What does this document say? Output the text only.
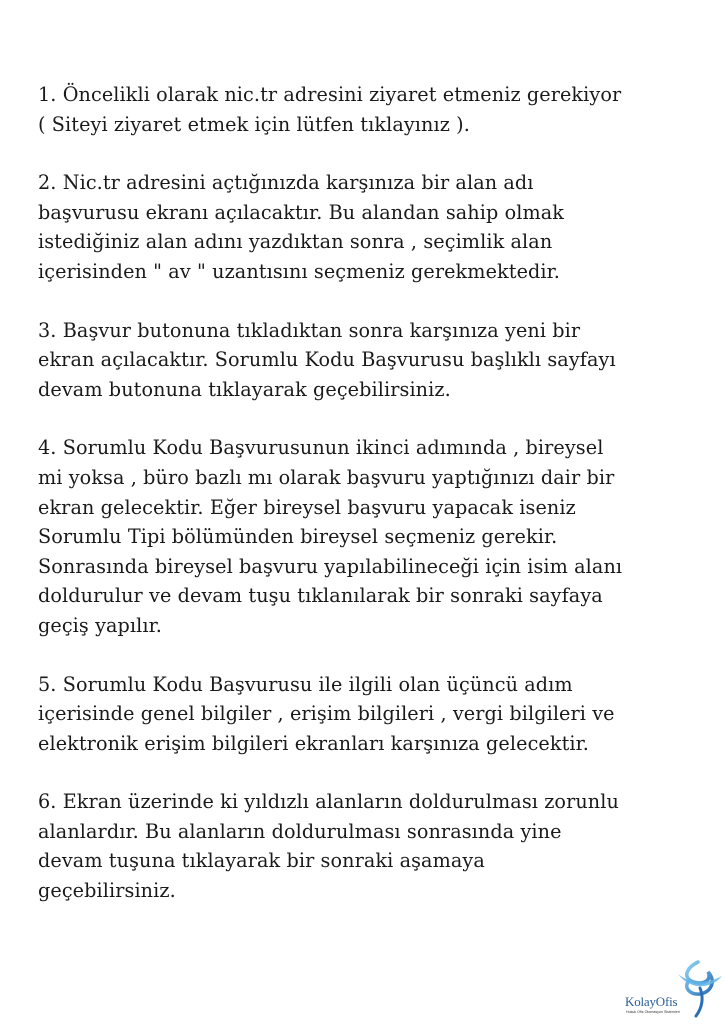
1. Öncelikli olarak nic.tr adresini ziyaret etmeniz gerekiyor
( Siteyi ziyaret etmek için lütfen tıklayınız ).

2. Nic.tr adresini açtığınızda karşınıza bir alan adı
başvurusu ekranı açılacaktır. Bu alandan sahip olmak
istediğiniz alan adını yazdıktan sonra , seçimlik alan
içerisinden " av " uzantısını seçmeniz gerekmektedir.

3. Başvur butonuna tıkladıktan sonra karşınıza yeni bir
ekran açılacaktır. Sorumlu Kodu Başvurusu başlıklı sayfayı
devam butonuna tıklayarak geçebilirsiniz.

4. Sorumlu Kodu Başvurusunun ikinci adımında , bireysel
mi yoksa , büro bazlı mı olarak başvuru yaptığınızı dair bir
ekran gelecektir. Eğer bireysel başvuru yapacak iseniz
Sorumlu Tipi bölümünden bireysel seçmeniz gerekir.
Sonrasında bireysel başvuru yapılabilineceği için isim alanı
doldurulur ve devam tuşu tıklanılarak bir sonraki sayfaya
geçiş yapılır.

5. Sorumlu Kodu Başvurusu ile ilgili olan üçüncü adım
içerisinde genel bilgiler , erişim bilgileri , vergi bilgileri ve
elektronik erişim bilgileri ekranları karşınıza gelecektir.

6. Ekran üzerinde ki yıldızlı alanların doldurulması zorunlu
alanlardır. Bu alanların doldurulması sonrasında yine
devam tuşuna tıklayarak bir sonraki aşamaya
geçebilirsiniz.

KolayOfis
Hukuk Ofis Otomasyon Sistemleri
